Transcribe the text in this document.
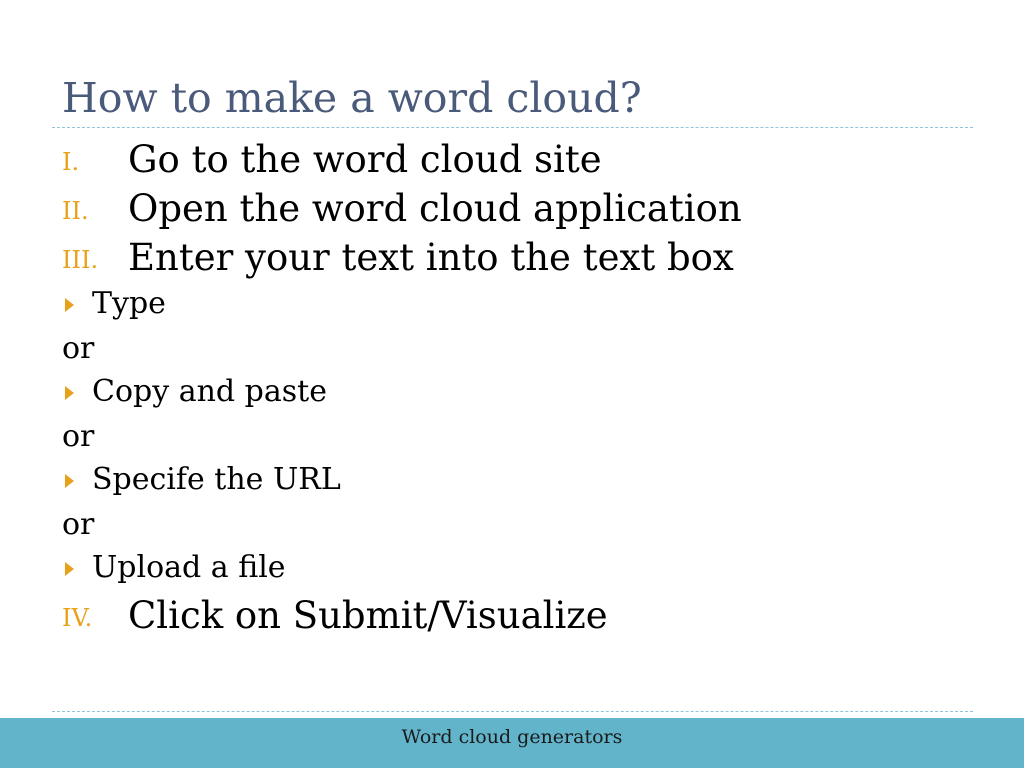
How to make a word cloud?
I. Go to the word cloud site
II. Open the word cloud application
III. Enter your text into the text box
Type
or
Copy and paste
or
Specife the URL
or
Upload a file
IV. Click on Submit/Visualize
Word cloud generators
